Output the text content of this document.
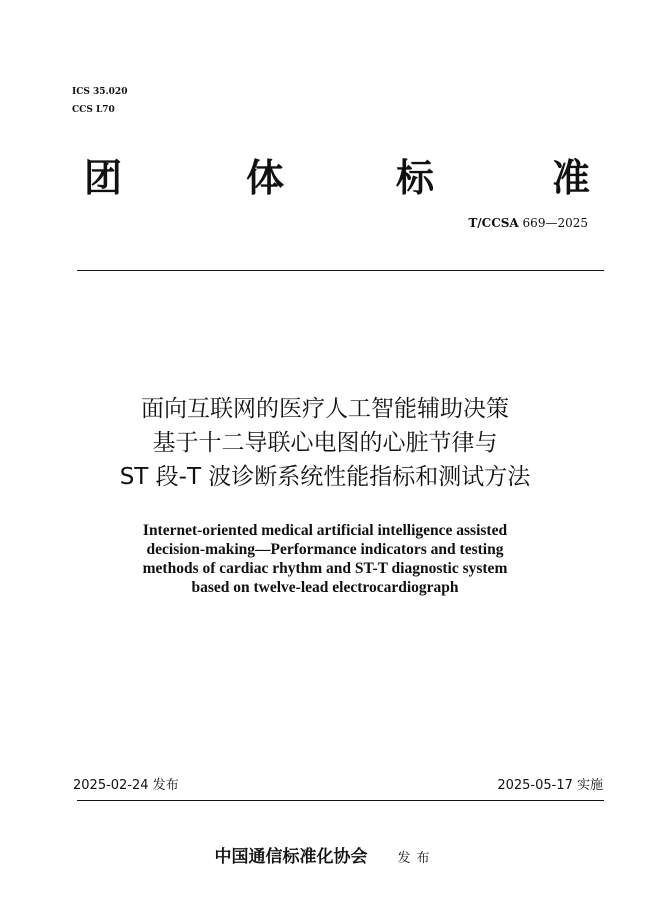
ICS 35.020
CCS L70
团	体	标	准
T/CCSA 669—2025
面向互联网的医疗人工智能辅助决策
基于十二导联心电图的心脏节律与
ST 段-T 波诊断系统性能指标和测试方法
Internet-oriented medical artificial intelligence assisted
decision-making—Performance indicators and testing
methods of cardiac rhythm and ST-T diagnostic system
based on twelve-lead electrocardiograph
2025-02-24 发布	2025-05-17 实施
中国通信标准化协会 发布
